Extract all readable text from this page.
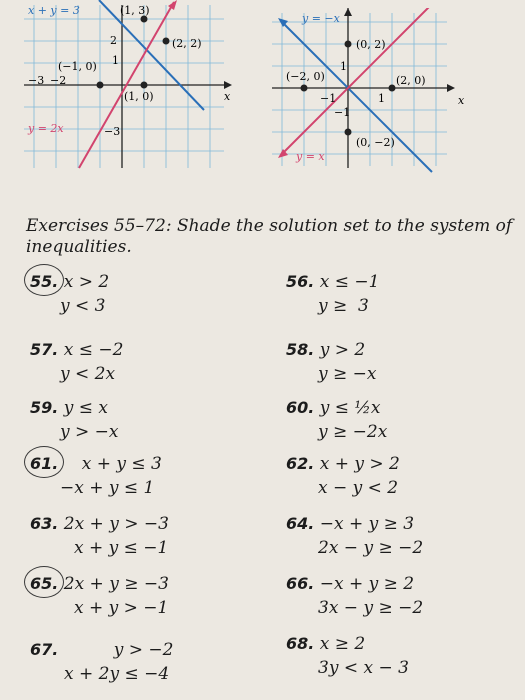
x + y = 3	(1, 3)
(2, 2)
(−1, 0)
(1, 0)
2
1
−3 −2
−3
y = 2x
x
y = −x
(0, 2)
(−2, 0)	(2, 0)
(0, −2)
1
−1	1
−1
y = x
x
Exercises 55–72: Shade the solution set to the system of inequalities.
55. x > 2
y < 3
56. x ≤ −1
y ≥  3
57. x ≤ −2
y < 2x
58. y > 2
y ≥ −x
59. y ≤ x
y > −x
60. y ≤ ½x
y ≥ −2x
61. x + y ≤ 3
−x + y ≤ 1
62. x + y > 2
x − y < 2
63. 2x + y > −3
x + y ≤ −1
64. −x + y ≥ 3
2x − y ≥ −2
65. 2x + y ≥ −3
x + y > −1
66. −x + y ≥ 2
3x − y ≥ −2
67.	y > −2
x + 2y ≤ −4
68. x ≥ 2
3y < x − 3
